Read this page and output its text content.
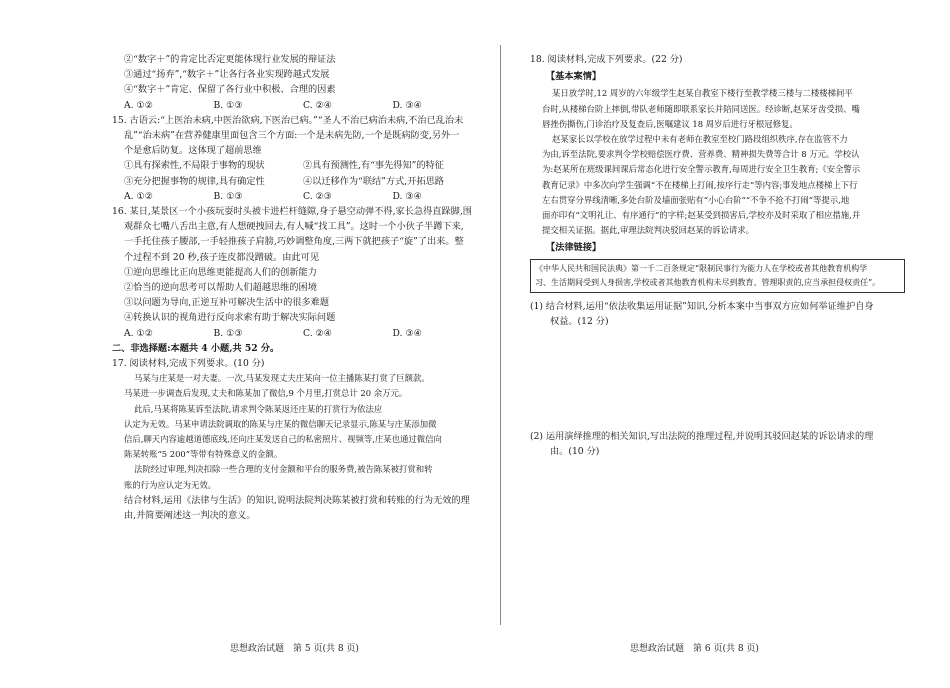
②“数字＋”的肯定比否定更能体现行业发展的辩证法

③通过“扬弃”,“数字＋”让各行各业实现跨越式发展

④“数字＋”肯定、保留了各行业中积极、合理的因素

A. ①②	B. ①③	C. ②④	D. ③④

15. 古语云:“上医治未病,中医治欲病,下医治已病。”“圣人不治已病治未病,不治已乱治未

乱”“治未病”在营养健康里面包含三个方面:一个是未病先防,一个是既病防变,另外一

个是愈后防复。这体现了超前思维

①具有探索性,不局限于事物的现状	②具有预测性,有“事先得知”的特征
③充分把握事物的规律,具有确定性	④以迁移作为“联结”方式,开拓思路
A. ①②	B. ①③	C. ②③	D. ③④

16. 某日,某景区一个小孩玩耍时头被卡进栏杆缝隙,身子悬空动弹不得,家长急得直跺脚,围

观群众七嘴八舌出主意,有人想硬拽回去,有人喊“找工具”。这时一个小伙子半蹲下来,

一手托住孩子腰部,一手轻推孩子肩膀,巧妙调整角度,三两下就把孩子“旋”了出来。整

个过程不到 20 秒,孩子连皮都没蹭破。由此可见

①逆向思维比正向思维更能提高人们的创新能力

②恰当的逆向思考可以帮助人们超越思维的困境

③以问题为导向,正逆互补可解决生活中的很多难题

④转换认识的视角进行反向求索有助于解决实际问题

A. ①②	B. ①③	C. ②④	D. ③④

二、非选择题:本题共 4 小题,共 52 分。

17. 阅读材料,完成下列要求。(10 分)

马某与庄某是一对夫妻。一次,马某发现丈夫庄某向一位主播陈某打赏了巨额款。

马某进一步调查后发现,丈夫和陈某加了微信,9 个月里,打赏总计 20 余万元。

此后,马某将陈某诉至法院,请求判令陈某返还庄某的打赏行为依法应

认定为无效。马某申请法院调取的陈某与庄某的微信聊天记录显示,陈某与庄某添加微

信后,聊天内容逾越道德底线,还向庄某发送自己的私密照片、视频等,庄某也通过微信向

陈某转账“5 200”等带有特殊意义的金额。

法院经过审理,判决扣除一些合理的支付金额和平台的服务费,被告陈某被打赏和转

账的行为应认定为无效。

结合材料,运用《法律与生活》的知识,说明法院判决陈某被打赏和转账的行为无效的理

由,并简要阐述这一判决的意义。

18. 阅读材料,完成下列要求。(22 分)

【基本案情】

某日放学时,12 周岁的六年级学生赵某自教室下楼行至教学楼三楼与二楼楼梯间平

台时,从楼梯台阶上摔倒,带队老师随即联系家长并陪同送医。经诊断,赵某牙齿受损、嘴

唇挫伤撕伤,门诊治疗及复查后,医嘱建议 18 周岁后进行牙根冠修复。

赵某家长以学校在放学过程中未有老师在教室至校门路段组织秩序,存在监管不力

为由,诉至法院,要求判令学校赔偿医疗费、营养费、精神损失费等合计 8 万元。学校认

为:赵某所在班级课间课后常态化进行安全警示教育,每周进行安全卫生教育;《安全警示

教育记录》中多次向学生强调“不在楼梯上打闹,按序行走”等内容;事发地点楼梯上下行

左右贯穿分界线清晰,多处台阶及墙面张贴有“小心台阶”“不争不抢不打闹”等提示,地

面亦印有“文明礼让、有序通行”的字样;赵某受到损害后,学校亦及时采取了相应措施,并

提交相关证据。据此,审理法院判决驳回赵某的诉讼请求。

【法律链接】

《中华人民共和国民法典》第一千二百条规定“限制民事行为能力人在学校或者其他教育机构学
习、生活期间受到人身损害,学校或者其他教育机构未尽到教育、管理职责的,应当承担侵权责任”。

(1) 结合材料,运用“依法收集运用证据”知识,分析本案中当事双方应如何举证维护自身

权益。(12 分)

(2) 运用演绎推理的相关知识,写出法院的推理过程,并说明其驳回赵某的诉讼请求的理

由。(10 分)

思想政治试题　第 5 页(共 8 页)	思想政治试题　第 6 页(共 8 页)
